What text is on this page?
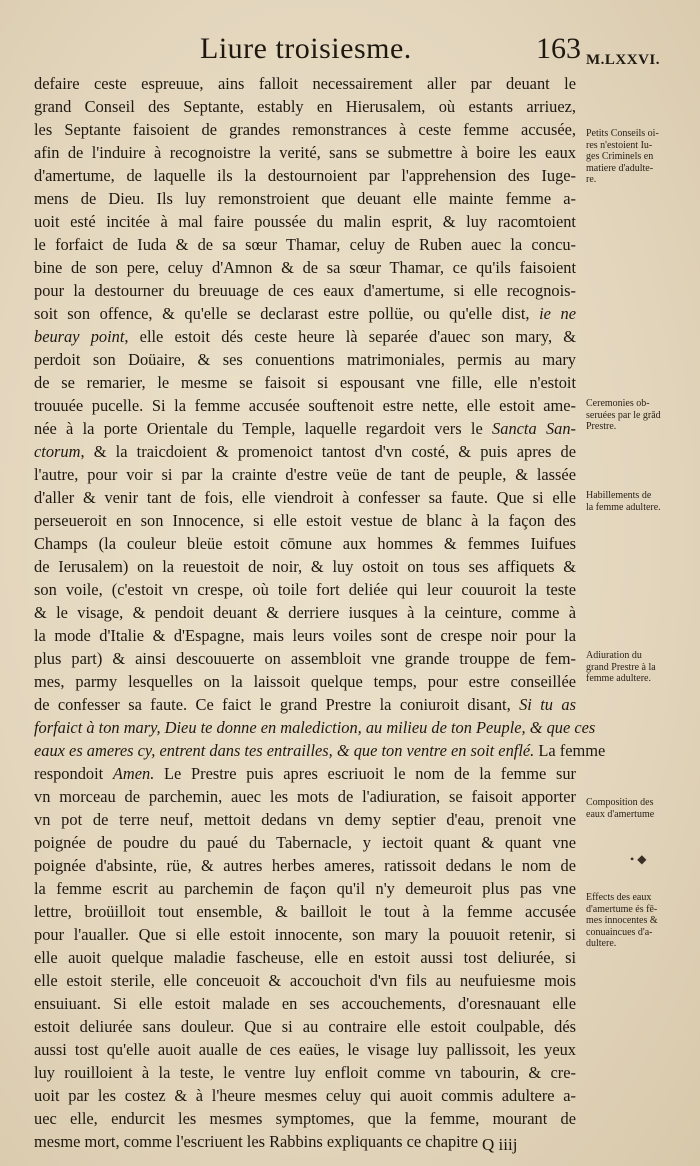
Liure troisiesme.	163 M.LXXVI.
defaire ceste espreuue, ains falloit necessairement aller par deuant le
grand Conseil des Septante, estably en Hierusalem, où estants arriuez,
les Septante faisoient de grandes remonstrances à ceste femme accusée,
afin de l'induire à recognoistre la verité, sans se submettre à boire les eaux
d'amertume, de laquelle ils la destournoient par l'apprehension des Iuge-
mens de Dieu. Ils luy remonstroient que deuant elle mainte femme a-
uoit esté incitée à mal faire poussée du malin esprit, & luy racomtoient
le forfaict de Iuda & de sa sœur Thamar, celuy de Ruben auec la concu-
bine de son pere, celuy d'Amnon & de sa sœur Thamar, ce qu'ils faisoient
pour la destourner du breuuage de ces eaux d'amertume, si elle recognois-
soit son offence, & qu'elle se declarast estre pollüe, ou qu'elle dist, ie ne
beuray point, elle estoit dés ceste heure là separée d'auec son mary, &
perdoit son Doüaire, & ses conuentions matrimoniales, permis au mary
de se remarier, le mesme se faisoit si espousant vne fille, elle n'estoit
trouuée pucelle. Si la femme accusée souftenoit estre nette, elle estoit ame-
née à la porte Orientale du Temple, laquelle regardoit vers le Sancta San-
ctorum, & la traicdoient & promenoict tantost d'vn costé, & puis apres de
l'autre, pour voir si par la crainte d'estre veüe de tant de peuple, & lassée
d'aller & venir tant de fois, elle viendroit à confesser sa faute. Que si elle
perseueroit en son Innocence, si elle estoit vestue de blanc à la façon des
Champs (la couleur bleüe estoit cōmune aux hommes & femmes Iuifues
de Ierusalem) on la reuestoit de noir, & luy ostoit on tous ses affiquets &
son voile, (c'estoit vn crespe, où toile fort deliée qui leur couuroit la teste
& le visage, & pendoit deuant & derriere iusques à la ceinture, comme à
la mode d'Italie & d'Espagne, mais leurs voiles sont de crespe noir pour la
plus part) & ainsi descouuerte on assembloit vne grande trouppe de fem-
mes, parmy lesquelles on la laissoit quelque temps, pour estre conseillée
de confesser sa faute. Ce faict le grand Prestre la coniuroit disant, Si tu as
forfaict à ton mary, Dieu te donne en malediction, au milieu de ton Peuple, & que ces
eaux es ameres cy, entrent dans tes entrailles, & que ton ventre en soit enflé. La femme
respondoit Amen. Le Prestre puis apres escriuoit le nom de la femme sur
vn morceau de parchemin, auec les mots de l'adiuration, se faisoit apporter
vn pot de terre neuf, mettoit dedans vn demy septier d'eau, prenoit vne
poignée de poudre du paué du Tabernacle, y iectoit quant & quant vne
poignée d'absinte, rüe, & autres herbes ameres, ratissoit dedans le nom de
la femme escrit au parchemin de façon qu'il n'y demeuroit plus pas vne
lettre, broüilloit tout ensemble, & bailloit le tout à la femme accusée
pour l'aualler. Que si elle estoit innocente, son mary la pouuoit retenir, si
elle auoit quelque maladie fascheuse, elle en estoit aussi tost deliurée, si
elle estoit sterile, elle conceuoit & accouchoit d'vn fils au neufuiesme mois
ensuiuant. Si elle estoit malade en ses accouchements, d'oresnauant elle
estoit deliurée sans douleur. Que si au contraire elle estoit coulpable, dés
aussi tost qu'elle auoit aualle de ces eaües, le visage luy pallissoit, les yeux
luy rouilloient à la teste, le ventre luy enfloit comme vn tabourin, & cre-
uoit par les costez & à l'heure mesmes celuy qui auoit commis adultere a-
uec elle, endurcit les mesmes symptomes, que la femme, mourant de
mesme mort, comme l'escriuent les Rabbins expliquants ce chapitre
Petits Conseils oi-
res n'estoient Iu-
ges Criminels en
matiere d'adulte-
re.
Ceremonies ob-
seruées par le grād
Prestre.
Habillements de
la femme adultere.
Adiuration du
grand Prestre à la
femme adultere.
Composition des
eaux d'amertume
Effects des eaux
d'amertume és fē-
mes innocentes &
conuaincues d'a-
dultere.
• ◆
Q iiij
